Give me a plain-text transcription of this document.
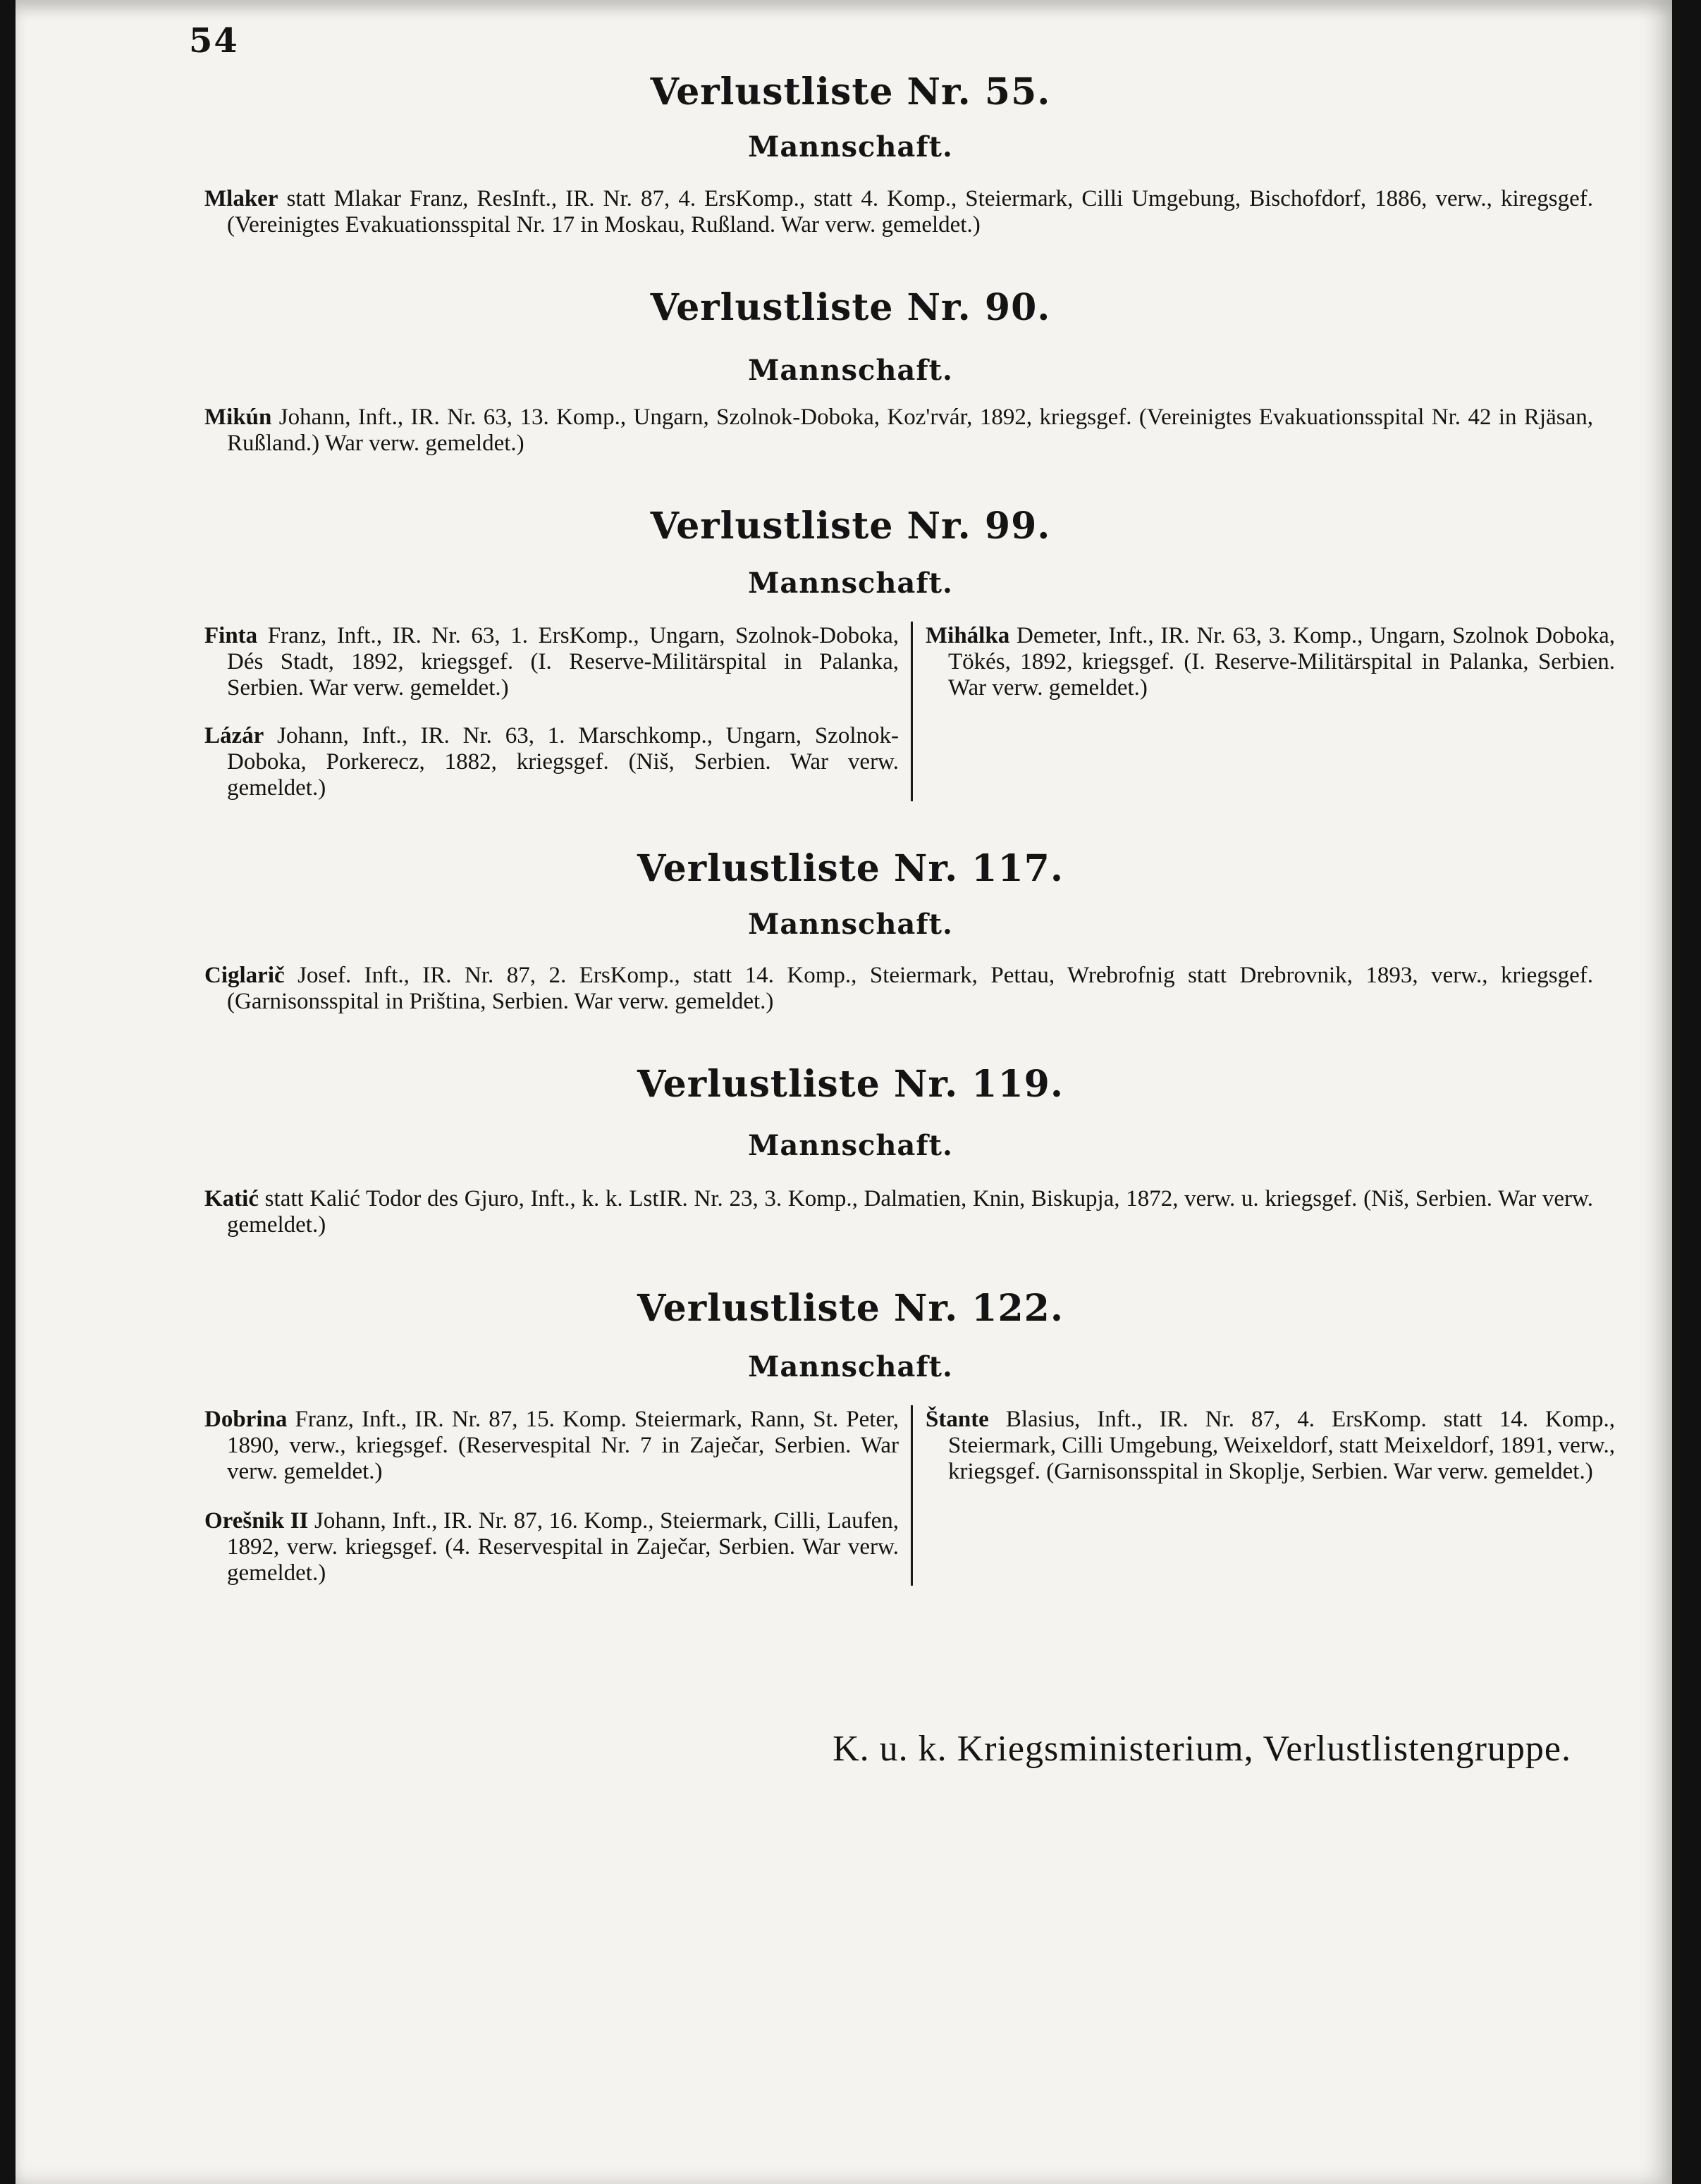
54
Verlustliste Nr. 55.
Mannschaft.
Mlaker statt Mlakar Franz, ResInft., IR. Nr. 87, 4. ErsKomp., statt 4. Komp., Steiermark, Cilli Umgebung, Bischofdorf, 1886, verw., kiregsgef. (Vereinigtes Evakuationsspital Nr. 17 in Moskau, Rußland. War verw. gemeldet.)
Verlustliste Nr. 90.
Mannschaft.
Mikún Johann, Inft., IR. Nr. 63, 13. Komp., Ungarn, Szolnok-Doboka, Koz'rvár, 1892, kriegsgef. (Vereinigtes Evakuationsspital Nr. 42 in Rjäsan, Rußland.) War verw. gemeldet.)
Verlustliste Nr. 99.
Mannschaft.
Finta Franz, Inft., IR. Nr. 63, 1. ErsKomp., Ungarn, Szolnok-Doboka, Dés Stadt, 1892, kriegsgef. (I. Reserve-Militärspital in Palanka, Serbien. War verw. gemeldet.)
Lázár Johann, Inft., IR. Nr. 63, 1. Marschkomp., Ungarn, Szolnok-Doboka, Porkerecz, 1882, kriegsgef. (Niš, Serbien. War verw. gemeldet.)
Mihálka Demeter, Inft., IR. Nr. 63, 3. Komp., Ungarn, Szolnok Doboka, Tökés, 1892, kriegsgef. (I. Reserve-Militärspital in Palanka, Serbien. War verw. gemeldet.)
Verlustliste Nr. 117.
Mannschaft.
Ciglarič Josef. Inft., IR. Nr. 87, 2. ErsKomp., statt 14. Komp., Steiermark, Pettau, Wrebrofnig statt Drebrovnik, 1893, verw., kriegsgef. (Garnisonsspital in Priština, Serbien. War verw. gemeldet.)
Verlustliste Nr. 119.
Mannschaft.
Katić statt Kalić Todor des Gjuro, Inft., k. k. LstIR. Nr. 23, 3. Komp., Dalmatien, Knin, Biskupja, 1872, verw. u. kriegsgef. (Niš, Serbien. War verw. gemeldet.)
Verlustliste Nr. 122.
Mannschaft.
Dobrina Franz, Inft., IR. Nr. 87, 15. Komp. Steiermark, Rann, St. Peter, 1890, verw., kriegsgef. (Reservespital Nr. 7 in Zaječar, Serbien. War verw. gemeldet.)
Orešnik II Johann, Inft., IR. Nr. 87, 16. Komp., Steiermark, Cilli, Laufen, 1892, verw. kriegsgef. (4. Reservespital in Zaječar, Serbien. War verw. gemeldet.)
Štante Blasius, Inft., IR. Nr. 87, 4. ErsKomp. statt 14. Komp., Steiermark, Cilli Umgebung, Weixeldorf, statt Meixeldorf, 1891, verw., kriegsgef. (Garnisonsspital in Skoplje, Serbien. War verw. gemeldet.)
K. u. k. Kriegsministerium, Verlustlistengruppe.
